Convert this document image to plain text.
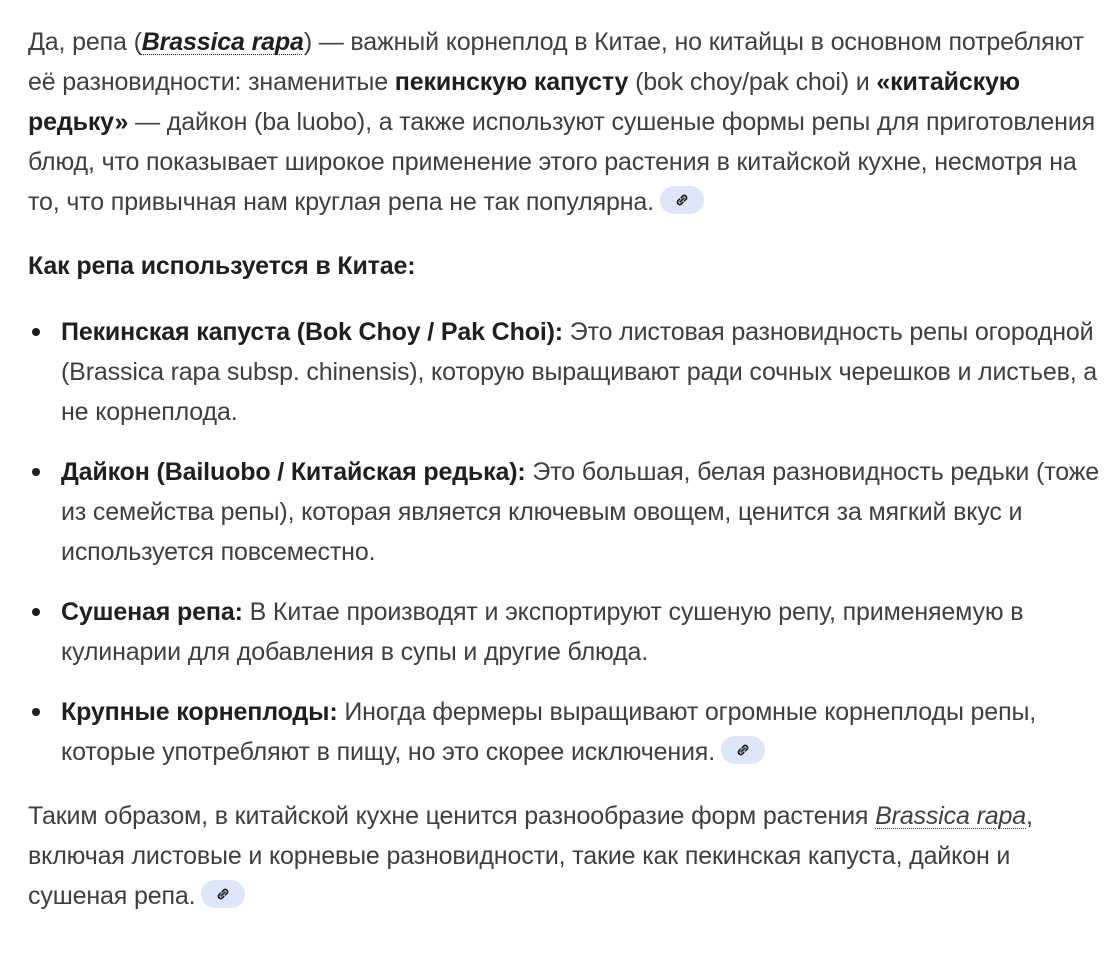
Да, репа (Brassica rapa) — важный корнеплод в Китае, но китайцы в основном потребляют её разновидности: знаменитые пекинскую капусту (bok choy/pak choi) и «китайскую редьку» — дайкон (ba luobo), а также используют сушеные формы репы для приготовления блюд, что показывает широкое применение этого растения в китайской кухне, несмотря на то, что привычная нам круглая репа не так популярна.

Как репа используется в Китае:

Пекинская капуста (Bok Choy / Pak Choi): Это листовая разновидность репы огородной (Brassica rapa subsp. chinensis), которую выращивают ради сочных черешков и листьев, а не корнеплода.
Дайкон (Bailuobo / Китайская редька): Это большая, белая разновидность редьки (тоже из семейства репы), которая является ключевым овощем, ценится за мягкий вкус и используется повсеместно.
Сушеная репа: В Китае производят и экспортируют сушеную репу, применяемую в кулинарии для добавления в супы и другие блюда.
Крупные корнеплоды: Иногда фермеры выращивают огромные корнеплоды репы, которые употребляют в пищу, но это скорее исключения.

Таким образом, в китайской кухне ценится разнообразие форм растения Brassica rapa, включая листовые и корневые разновидности, такие как пекинская капуста, дайкон и сушеная репа.
